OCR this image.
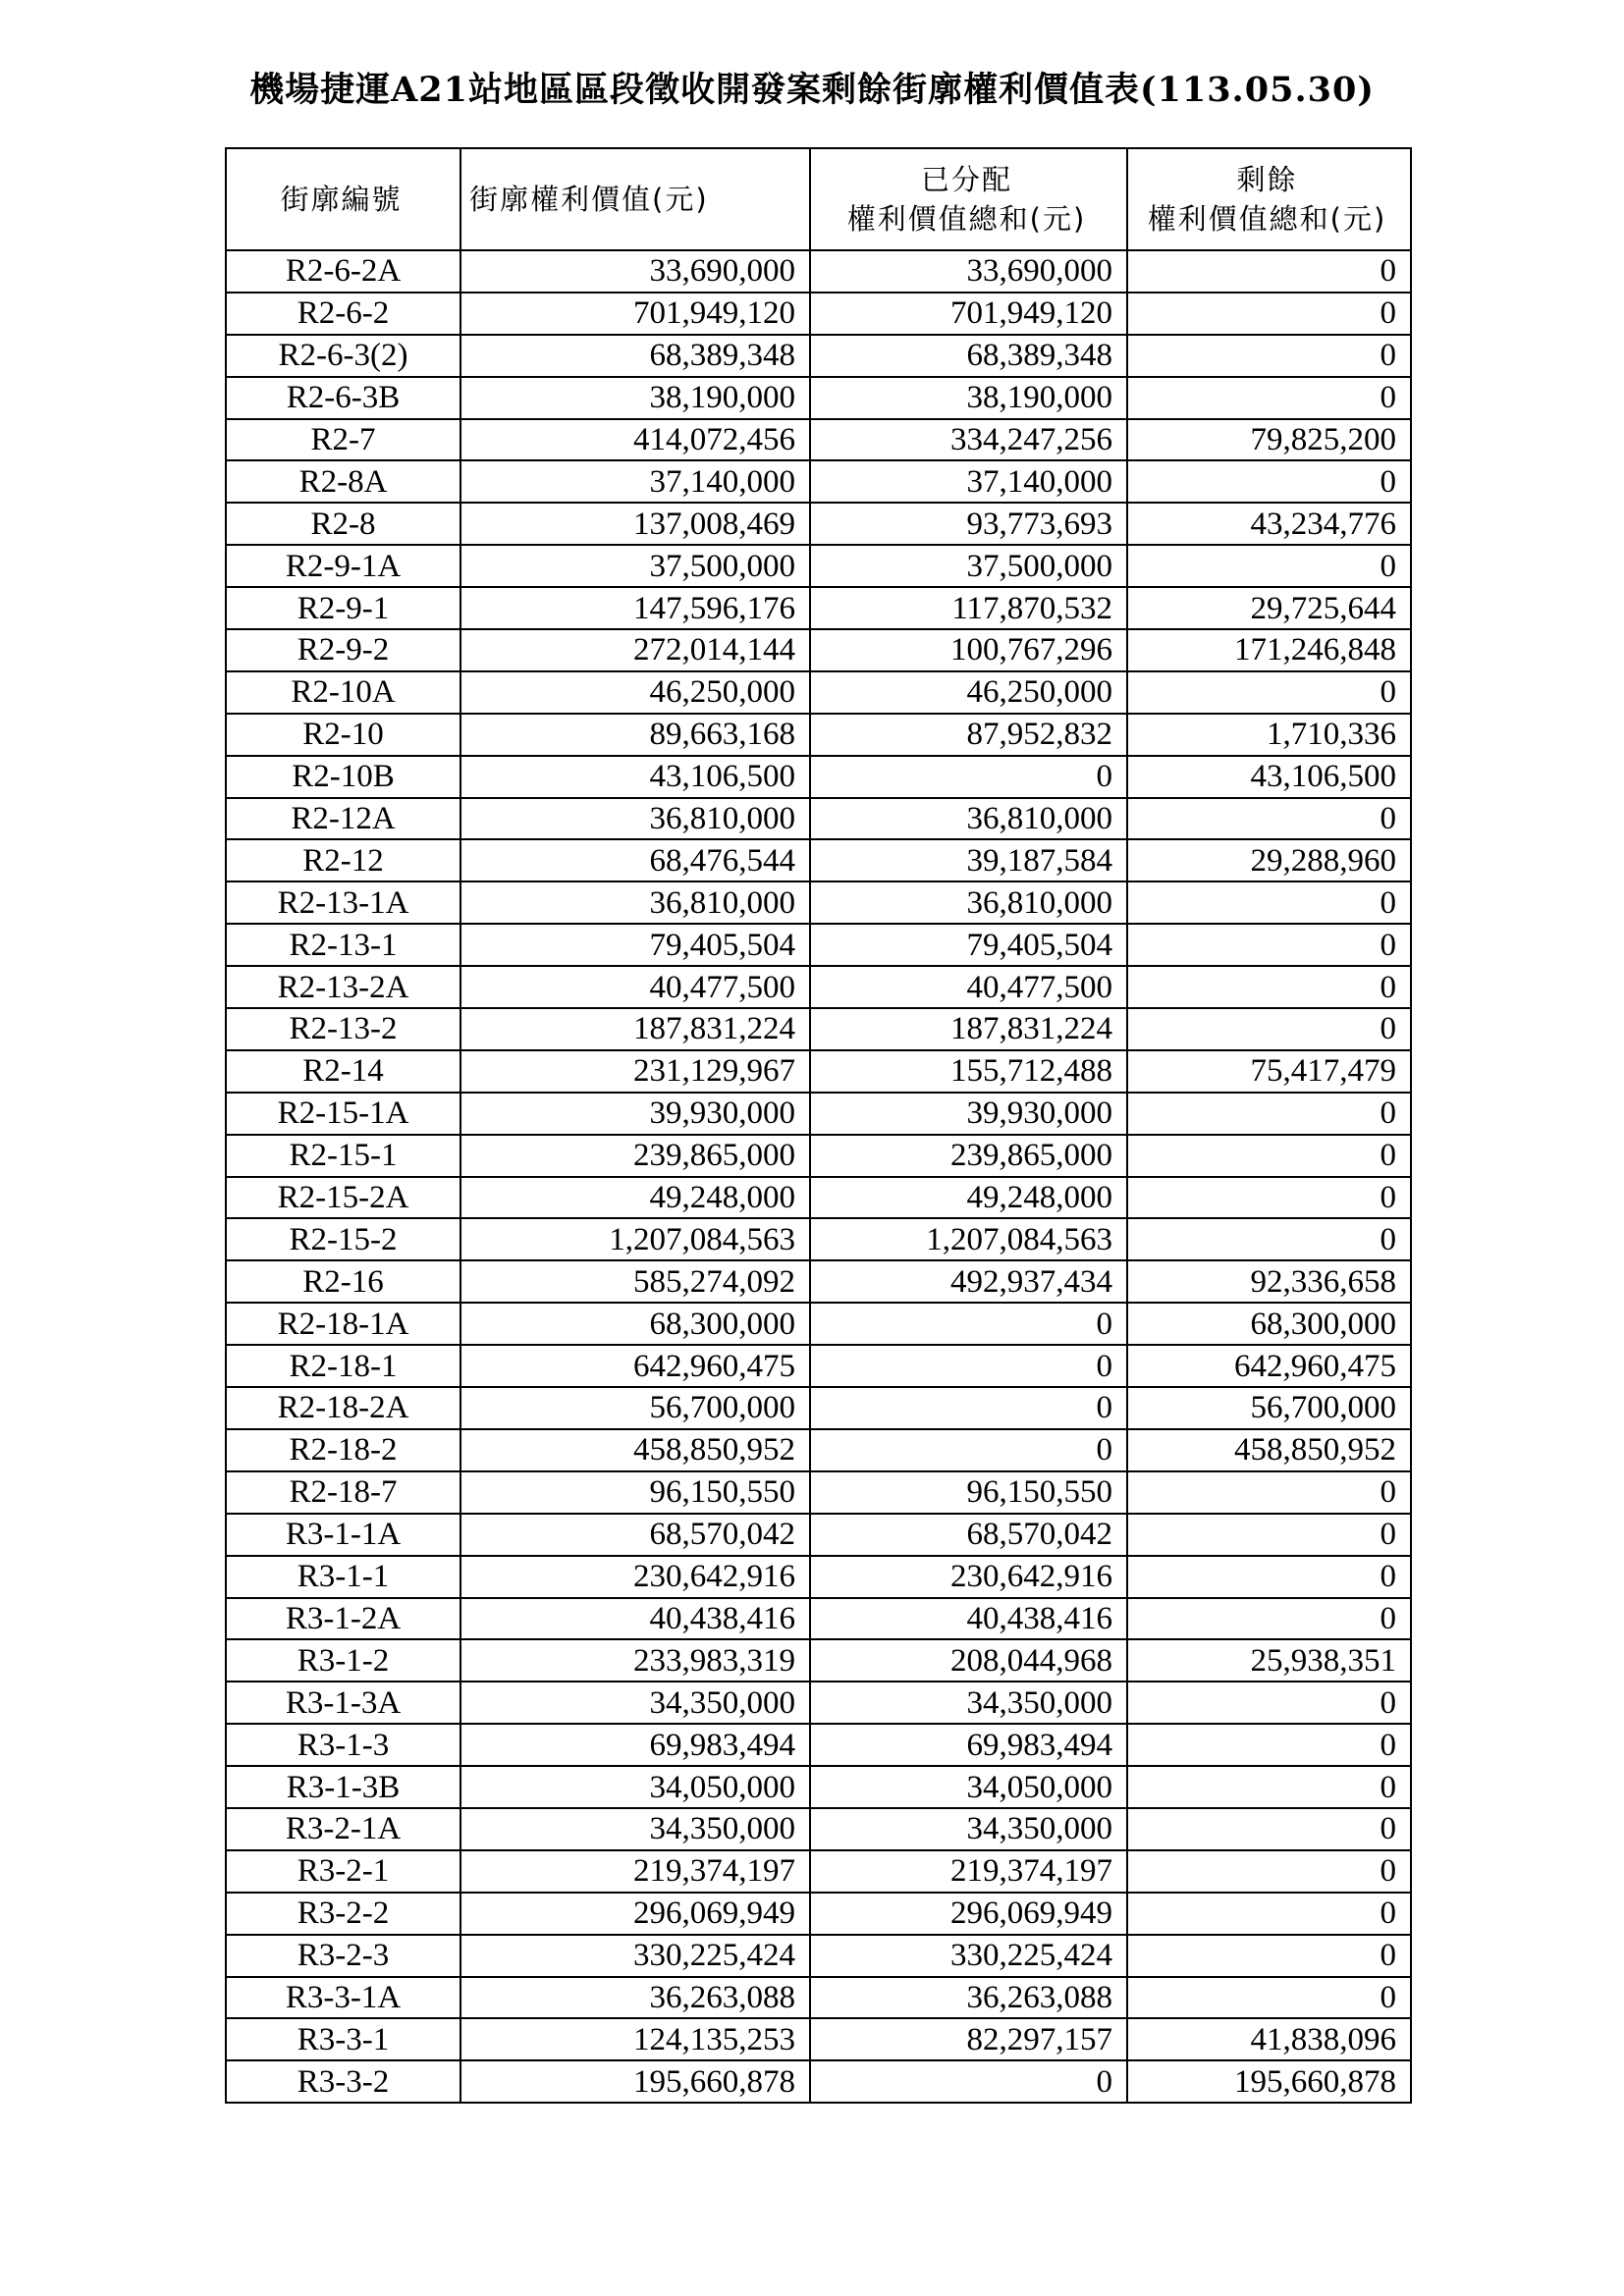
機場捷運A21站地區區段徵收開發案剩餘街廓權利價值表(113.05.30)
街廓編號	街廓權利價值(元)	已分配
權利價值總和(元)	剩餘
權利價值總和(元)

R2-6-2A	33,690,000	33,690,000	0
R2-6-2	701,949,120	701,949,120	0
R2-6-3(2)	68,389,348	68,389,348	0
R2-6-3B	38,190,000	38,190,000	0
R2-7	414,072,456	334,247,256	79,825,200
R2-8A	37,140,000	37,140,000	0
R2-8	137,008,469	93,773,693	43,234,776
R2-9-1A	37,500,000	37,500,000	0
R2-9-1	147,596,176	117,870,532	29,725,644
R2-9-2	272,014,144	100,767,296	171,246,848
R2-10A	46,250,000	46,250,000	0
R2-10	89,663,168	87,952,832	1,710,336
R2-10B	43,106,500	0	43,106,500
R2-12A	36,810,000	36,810,000	0
R2-12	68,476,544	39,187,584	29,288,960
R2-13-1A	36,810,000	36,810,000	0
R2-13-1	79,405,504	79,405,504	0
R2-13-2A	40,477,500	40,477,500	0
R2-13-2	187,831,224	187,831,224	0
R2-14	231,129,967	155,712,488	75,417,479
R2-15-1A	39,930,000	39,930,000	0
R2-15-1	239,865,000	239,865,000	0
R2-15-2A	49,248,000	49,248,000	0
R2-15-2	1,207,084,563	1,207,084,563	0
R2-16	585,274,092	492,937,434	92,336,658
R2-18-1A	68,300,000	0	68,300,000
R2-18-1	642,960,475	0	642,960,475
R2-18-2A	56,700,000	0	56,700,000
R2-18-2	458,850,952	0	458,850,952
R2-18-7	96,150,550	96,150,550	0
R3-1-1A	68,570,042	68,570,042	0
R3-1-1	230,642,916	230,642,916	0
R3-1-2A	40,438,416	40,438,416	0
R3-1-2	233,983,319	208,044,968	25,938,351
R3-1-3A	34,350,000	34,350,000	0
R3-1-3	69,983,494	69,983,494	0
R3-1-3B	34,050,000	34,050,000	0
R3-2-1A	34,350,000	34,350,000	0
R3-2-1	219,374,197	219,374,197	0
R3-2-2	296,069,949	296,069,949	0
R3-2-3	330,225,424	330,225,424	0
R3-3-1A	36,263,088	36,263,088	0
R3-3-1	124,135,253	82,297,157	41,838,096
R3-3-2	195,660,878	0	195,660,878
